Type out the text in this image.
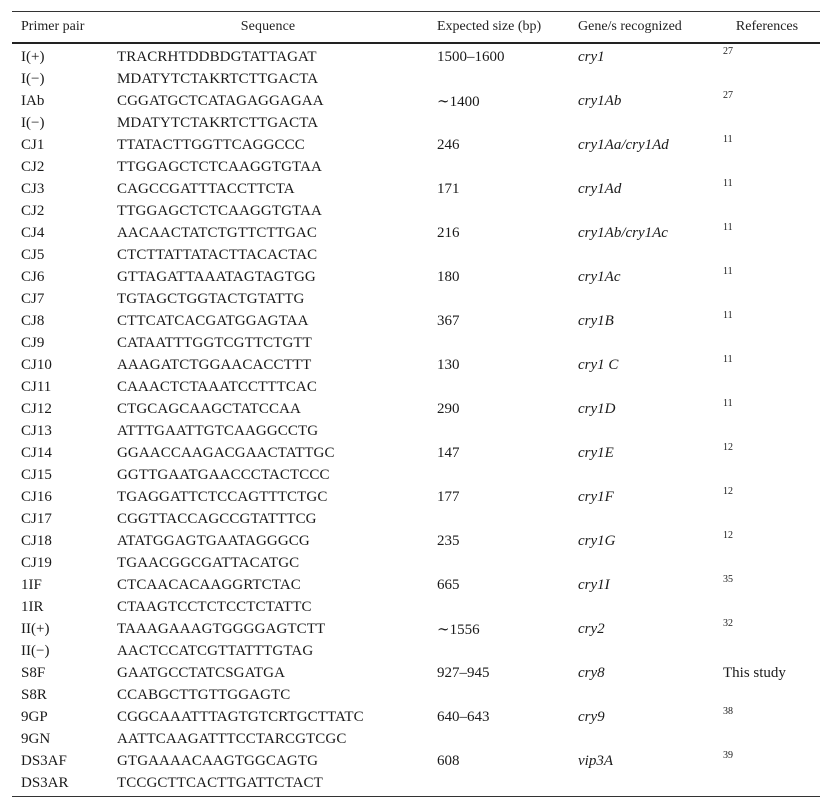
Primer pair	Sequence	Expected size (bp)	Gene/s recognized	References
I(+)	TRACRHTDDBDGTATTAGAT	1500–1600	cry1	27
I(−)	MDATYTCTAKRTCTTGACTA
IAb	CGGATGCTCATAGAGGAGAA	∼1400	cry1Ab	27
I(−)	MDATYTCTAKRTCTTGACTA
CJ1	TTATACTTGGTTCAGGCCC	246	cry1Aa/cry1Ad	11
CJ2	TTGGAGCTCTCAAGGTGTAA
CJ3	CAGCCGATTTACCTTCTA	171	cry1Ad	11
CJ2	TTGGAGCTCTCAAGGTGTAA
CJ4	AACAACTATCTGTTCTTGAC	216	cry1Ab/cry1Ac	11
CJ5	CTCTTATTATACTTACACTAC
CJ6	GTTAGATTAAATAGTAGTGG	180	cry1Ac	11
CJ7	TGTAGCTGGTACTGTATTG
CJ8	CTTCATCACGATGGAGTAA	367	cry1B	11
CJ9	CATAATTTGGTCGTTCTGTT
CJ10	AAAGATCTGGAACACCTTT	130	cry1 C	11
CJ11	CAAACTCTAAATCCTTTCAC
CJ12	CTGCAGCAAGCTATCCAA	290	cry1D	11
CJ13	ATTTGAATTGTCAAGGCCTG
CJ14	GGAACCAAGACGAACTATTGC	147	cry1E	12
CJ15	GGTTGAATGAACCCTACTCCC
CJ16	TGAGGATTCTCCAGTTTCTGC	177	cry1F	12
CJ17	CGGTTACCAGCCGTATTTCG
CJ18	ATATGGAGTGAATAGGGCG	235	cry1G	12
CJ19	TGAACGGCGATTACATGC
1IF	CTCAACACAAGGRTCTAC	665	cry1I	35
1IR	CTAAGTCCTCTCCTCTATTC
II(+)	TAAAGAAAGTGGGGAGTCTT	∼1556	cry2	32
II(−)	AACTCCATCGTTATTTGTAG
S8F	GAATGCCTATCSGATGA	927–945	cry8	This study
S8R	CCABGCTTGTTGGAGTC
9GP	CGGCAAATTTAGTGTCRTGCTTATC	640–643	cry9	38
9GN	AATTCAAGATTTCCTARCGTCGC
DS3AF	GTGAAAACAAGTGGCAGTG	608	vip3A	39
DS3AR	TCCGCTTCACTTGATTCTACT
